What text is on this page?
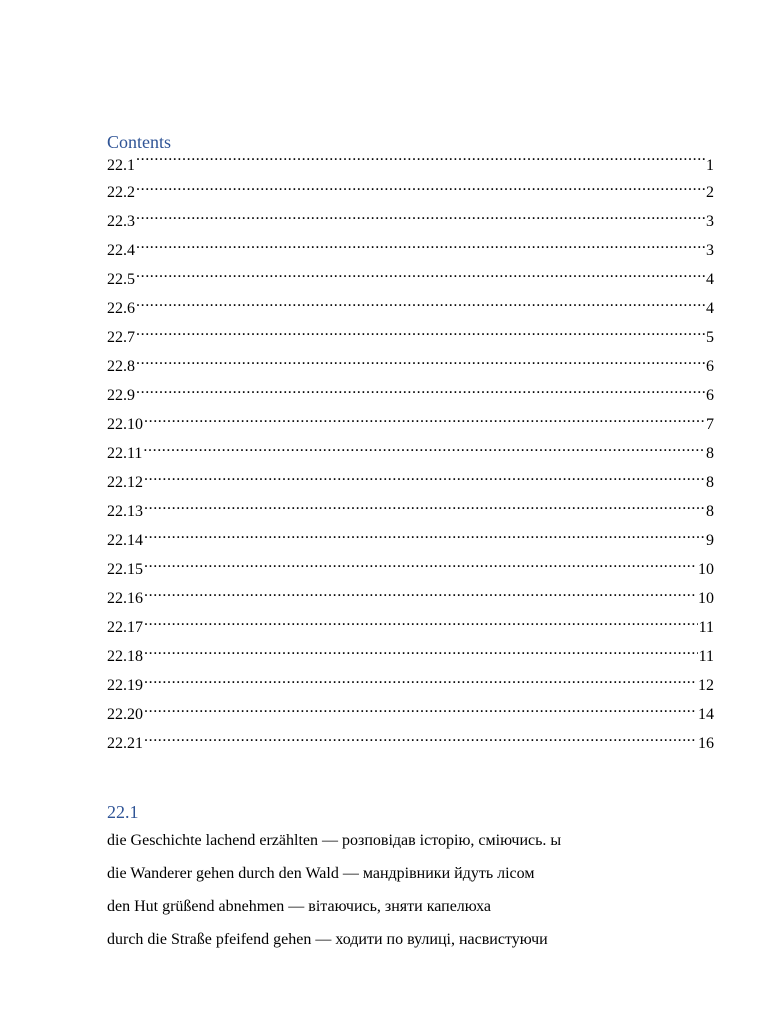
Contents
22.1 .....	1
22.2 .....	2
22.3 .....	3
22.4 .....	3
22.5 .....	4
22.6 .....	4
22.7 .....	5
22.8 .....	6
22.9 .....	6
22.10 .....	7
22.11 .....	8
22.12 .....	8
22.13 .....	8
22.14 .....	9
22.15 .....	10
22.16 .....	10
22.17 .....	11
22.18 .....	11
22.19 .....	12
22.20 .....	14
22.21 .....	16
22.1
die Geschichte lachend erzählten — розповідав історію, сміючись. ы
die Wanderer gehen durch den Wald — мандрівники йдуть лісом
den Hut grüßend abnehmen — вітаючись, зняти капелюха
durch die Straße pfeifend gehen — ходити по вулиці, насвистуючи
